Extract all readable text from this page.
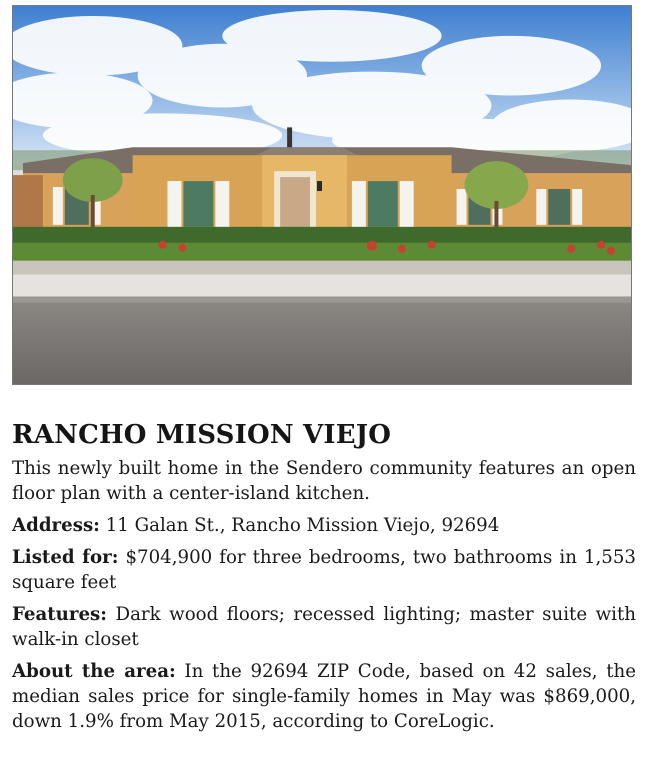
RANCHO MISSION VIEJO

This newly built home in the Sendero community features an open floor plan with a center-island kitchen.

Address: 11 Galan St., Rancho Mission Viejo, 92694

Listed for: $704,900 for three bedrooms, two bathrooms in 1,553 square feet

Features: Dark wood floors; recessed lighting; master suite with walk-in closet

About the area: In the 92694 ZIP Code, based on 42 sales, the median sales price for single-family homes in May was $869,000, down 1.9% from May 2015, according to CoreLogic.
